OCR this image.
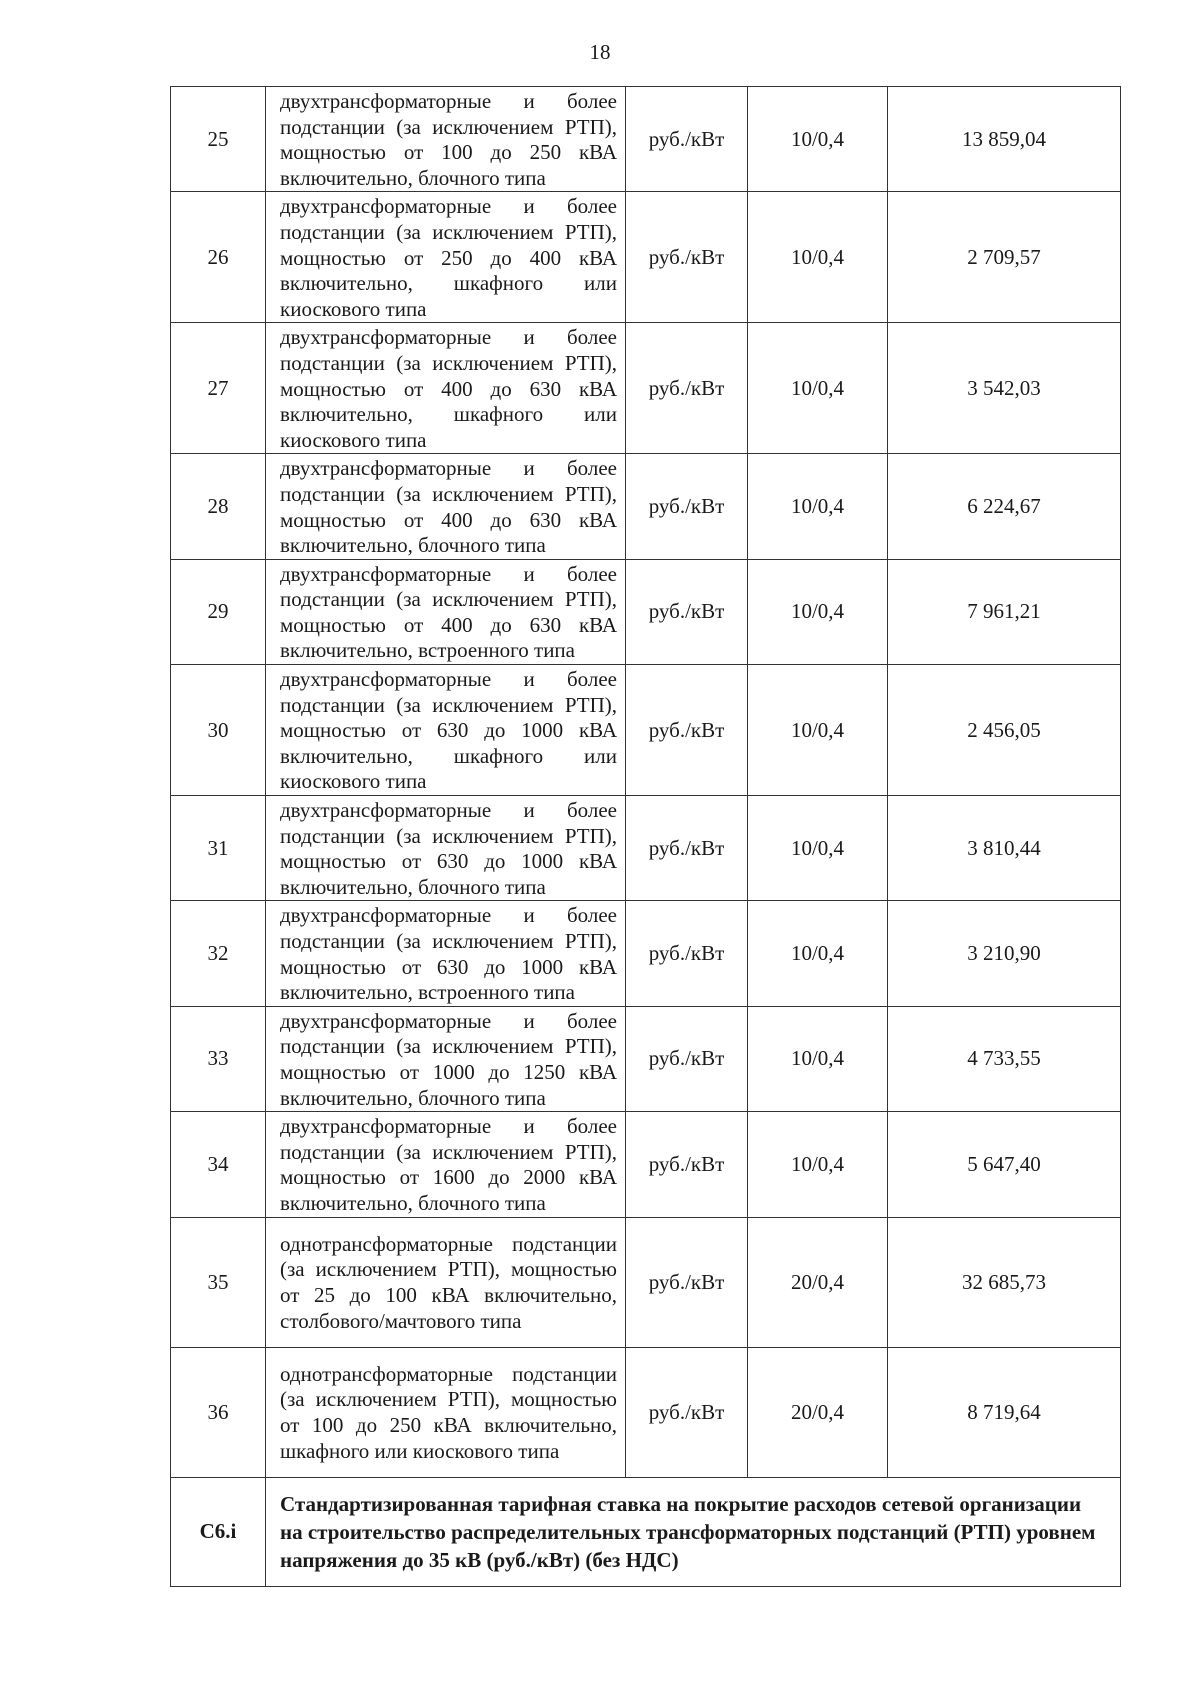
18
25	двухтрансформаторные и более подстанции (за исключением РТП), мощностью от 100 до 250 кВА включительно, блочного типа	руб./кВт	10/0,4	13 859,04
26	двухтрансформаторные и более подстанции (за исключением РТП), мощностью от 250 до 400 кВА включительно, шкафного или киоскового типа	руб./кВт	10/0,4	2 709,57
27	двухтрансформаторные и более подстанции (за исключением РТП), мощностью от 400 до 630 кВА включительно, шкафного или киоскового типа	руб./кВт	10/0,4	3 542,03
28	двухтрансформаторные и более подстанции (за исключением РТП), мощностью от 400 до 630 кВА включительно, блочного типа	руб./кВт	10/0,4	6 224,67
29	двухтрансформаторные и более подстанции (за исключением РТП), мощностью от 400 до 630 кВА включительно, встроенного типа	руб./кВт	10/0,4	7 961,21
30	двухтрансформаторные и более подстанции (за исключением РТП), мощностью от 630 до 1000 кВА включительно, шкафного или киоскового типа	руб./кВт	10/0,4	2 456,05
31	двухтрансформаторные и более подстанции (за исключением РТП), мощностью от 630 до 1000 кВА включительно, блочного типа	руб./кВт	10/0,4	3 810,44
32	двухтрансформаторные и более подстанции (за исключением РТП), мощностью от 630 до 1000 кВА включительно, встроенного типа	руб./кВт	10/0,4	3 210,90
33	двухтрансформаторные и более подстанции (за исключением РТП), мощностью от 1000 до 1250 кВА включительно, блочного типа	руб./кВт	10/0,4	4 733,55
34	двухтрансформаторные и более подстанции (за исключением РТП), мощностью от 1600 до 2000 кВА включительно, блочного типа	руб./кВт	10/0,4	5 647,40
35	однотрансформаторные подстанции (за исключением РТП), мощностью от 25 до 100 кВА включительно, столбового/мачтового типа	руб./кВт	20/0,4	32 685,73
36	однотрансформаторные подстанции (за исключением РТП), мощностью от 100 до 250 кВА включительно, шкафного или киоскового типа	руб./кВт	20/0,4	8 719,64
С6.i	Стандартизированная тарифная ставка на покрытие расходов сетевой организации на строительство распределительных трансформаторных подстанций (РТП) уровнем напряжения до 35 кВ (руб./кВт) (без НДС)			
